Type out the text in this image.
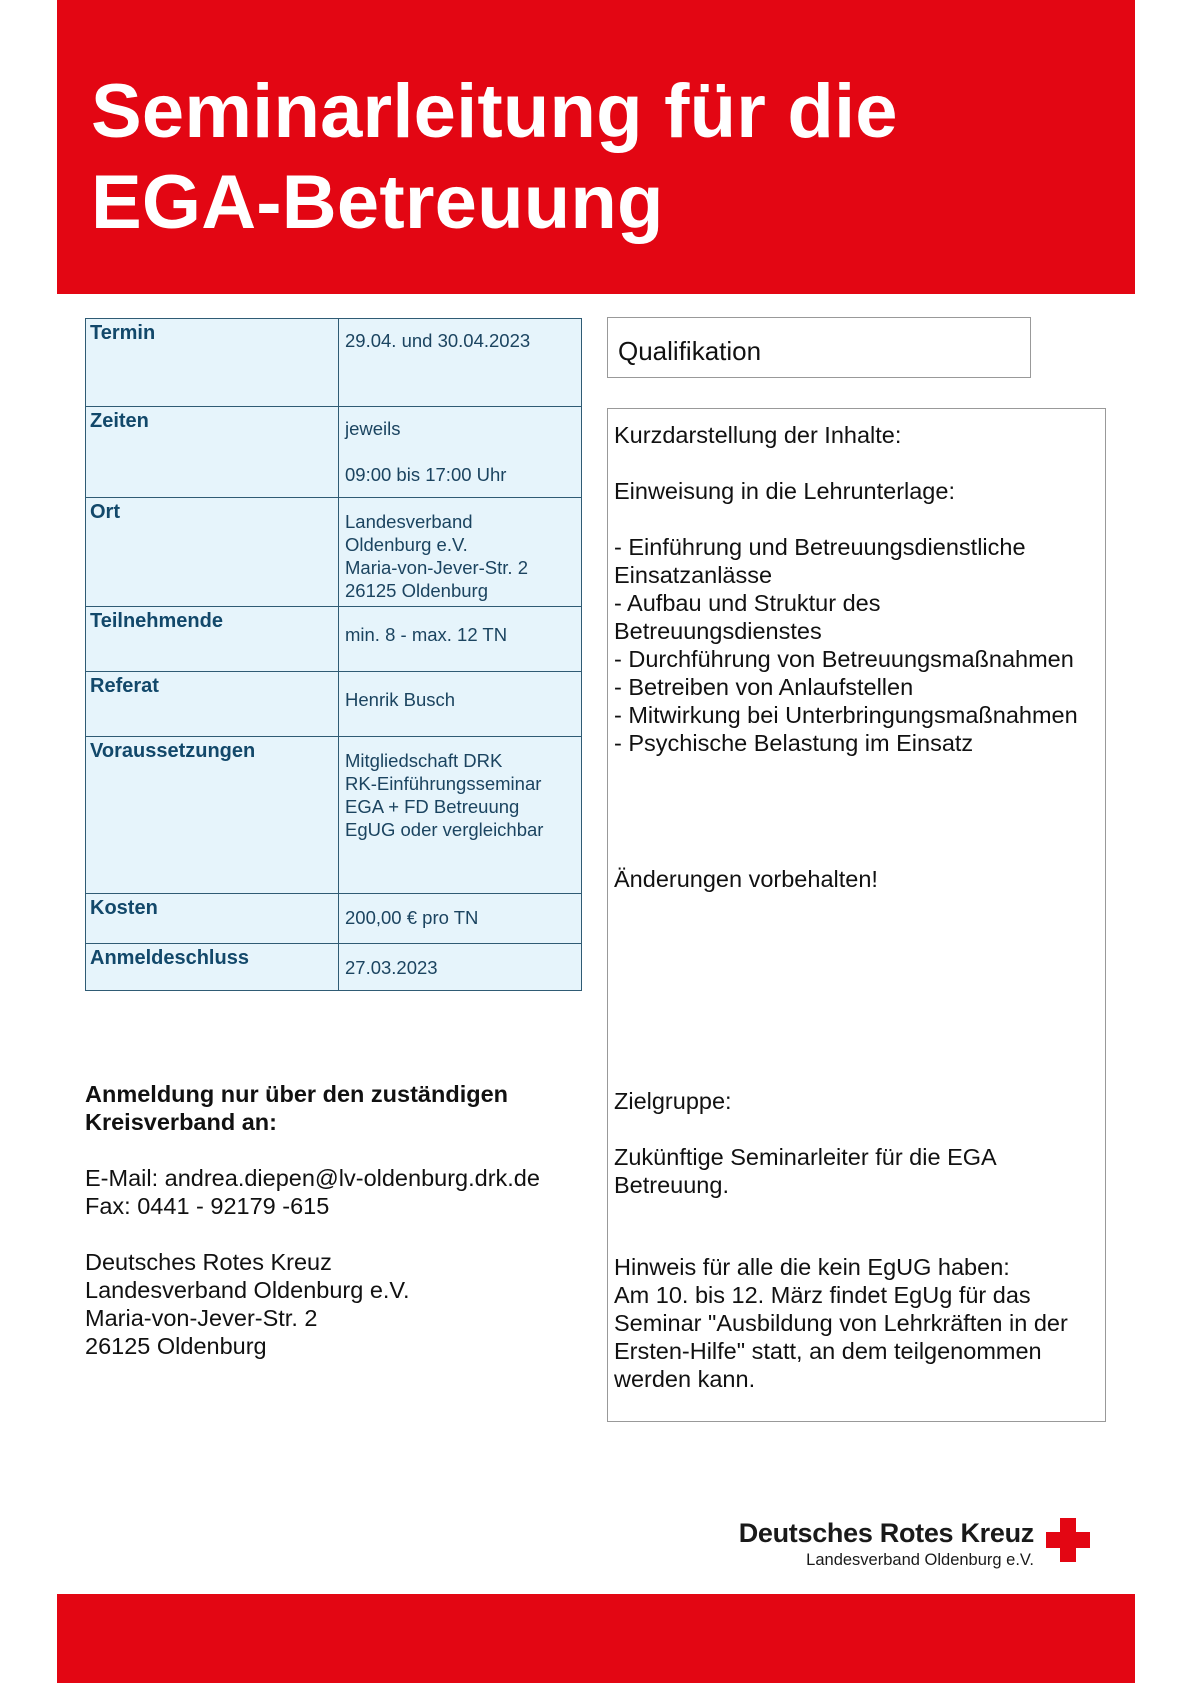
Seminarleitung für die
EGA-Betreuung
Termin	29.04. und 30.04.2023

Zeiten	jeweils
09:00 bis 17:00 Uhr

Ort	Landesverband
Oldenburg e.V.
Maria-von-Jever-Str. 2
26125 Oldenburg

Teilnehmende	min. 8 - max. 12 TN

Referat	Henrik Busch

Voraussetzungen	Mitgliedschaft DRK
RK-Einführungsseminar
EGA + FD Betreuung
EgUG oder vergleichbar

Kosten	200,00 € pro TN

Anmeldeschluss	27.03.2023
Qualifikation
Kurzdarstellung der Inhalte:
Einweisung in die Lehrunterlage:
- Einführung und Betreuungsdienstliche
Einsatzanlässe
- Aufbau und Struktur des
Betreuungsdienstes
- Durchführung von Betreuungsmaßnahmen
- Betreiben von Anlaufstellen
- Mitwirkung bei Unterbringungsmaßnahmen
- Psychische Belastung im Einsatz
Änderungen vorbehalten!
Zielgruppe:
Zukünftige Seminarleiter für die EGA
Betreuung.
Hinweis für alle die kein EgUG haben:
Am 10. bis 12. März findet EgUg für das
Seminar "Ausbildung von Lehrkräften in der
Ersten-Hilfe" statt, an dem teilgenommen
werden kann.
Anmeldung nur über den zuständigen
Kreisverband an:
E-Mail: andrea.diepen@lv-oldenburg.drk.de
Fax: 0441 - 92179 -615
Deutsches Rotes Kreuz
Landesverband Oldenburg e.V.
Maria-von-Jever-Str. 2
26125 Oldenburg
Deutsches Rotes Kreuz
Landesverband Oldenburg e.V.
